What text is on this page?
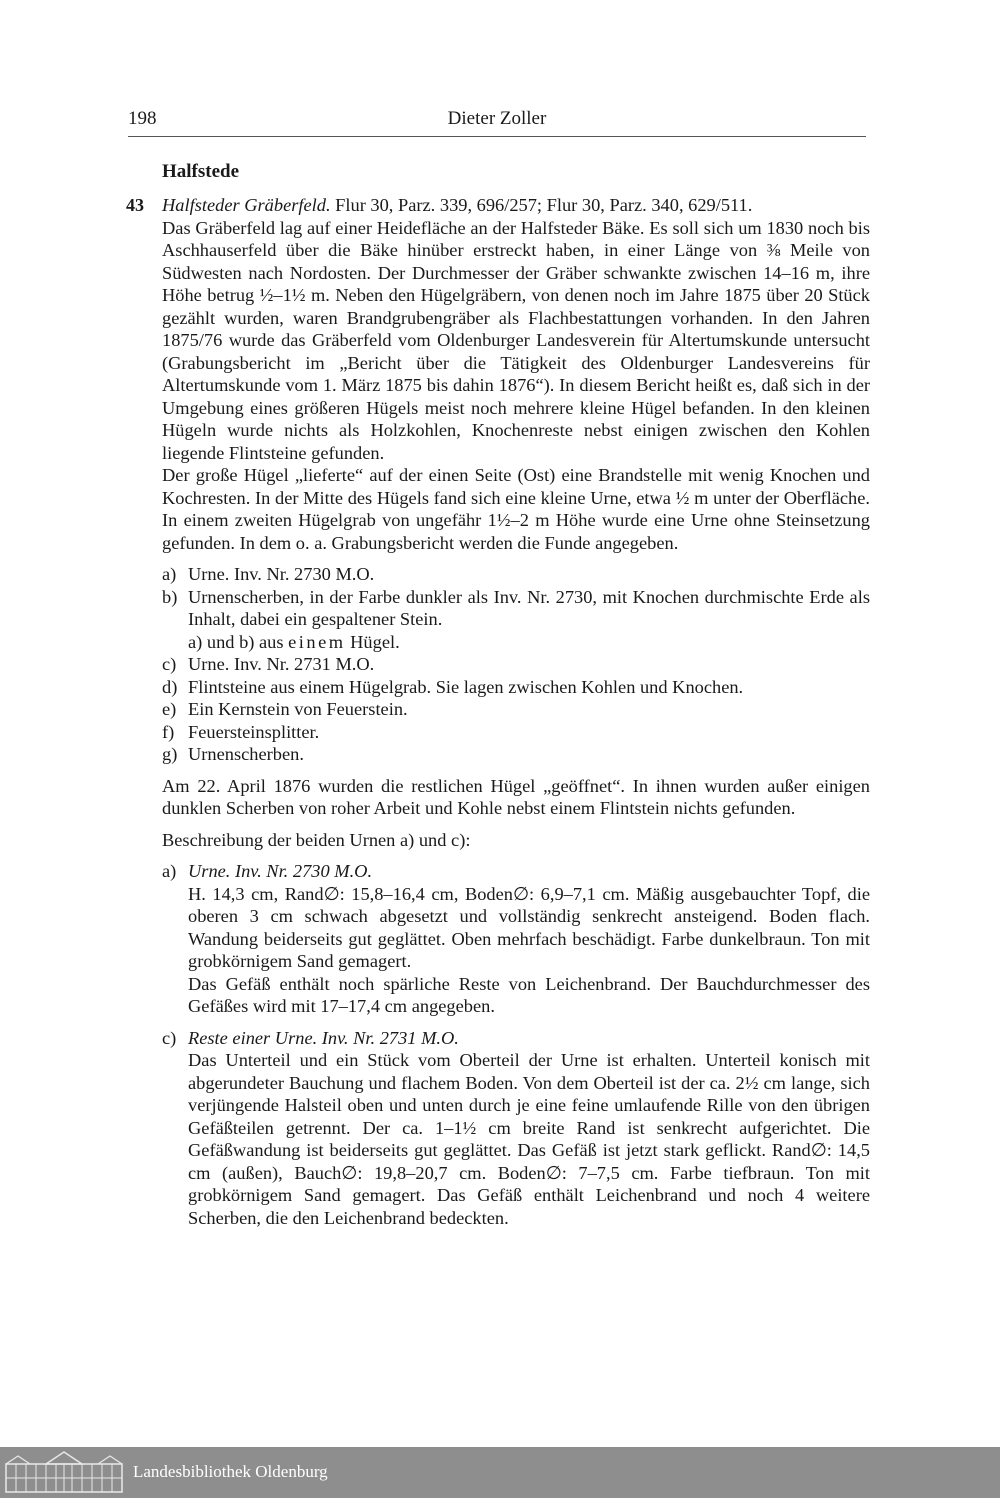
198	Dieter Zoller
Halfstede
43 Halfsteder Gräberfeld. Flur 30, Parz. 339, 696/257; Flur 30, Parz. 340, 629/511.
Das Gräberfeld lag auf einer Heidefläche an der Halfsteder Bäke. Es soll sich um 1830 noch bis Aschhauserfeld über die Bäke hinüber erstreckt haben, in einer Länge von ⅜ Meile von Südwesten nach Nordosten. Der Durchmesser der Gräber schwankte zwischen 14–16 m, ihre Höhe betrug ½–1½ m. Neben den Hügelgräbern, von denen noch im Jahre 1875 über 20 Stück gezählt wurden, waren Brandgrubengräber als Flachbestattungen vorhanden. In den Jahren 1875/76 wurde das Gräberfeld vom Oldenburger Landesverein für Altertumskunde untersucht (Grabungsbericht im „Bericht über die Tätigkeit des Oldenburger Landesvereins für Altertumskunde vom 1. März 1875 bis dahin 1876“). In diesem Bericht heißt es, daß sich in der Umgebung eines größeren Hügels meist noch mehrere kleine Hügel befanden. In den kleinen Hügeln wurde nichts als Holzkohlen, Knochenreste nebst einigen zwischen den Kohlen liegende Flintsteine gefunden.

Der große Hügel „lieferte“ auf der einen Seite (Ost) eine Brandstelle mit wenig Knochen und Kochresten. In der Mitte des Hügels fand sich eine kleine Urne, etwa ½ m unter der Oberfläche. In einem zweiten Hügelgrab von ungefähr 1½–2 m Höhe wurde eine Urne ohne Steinsetzung gefunden. In dem o. a. Grabungsbericht werden die Funde angegeben.

a) Urne. Inv. Nr. 2730 M.O.
b) Urnenscherben, in der Farbe dunkler als Inv. Nr. 2730, mit Knochen durchmischte Erde als Inhalt, dabei ein gespaltener Stein.

a) und b) aus einem Hügel.

c) Urne. Inv. Nr. 2731 M.O.
d) Flintsteine aus einem Hügelgrab. Sie lagen zwischen Kohlen und Knochen.
e) Ein Kernstein von Feuerstein.
f) Feuersteinsplitter.
g) Urnenscherben.

Am 22. April 1876 wurden die restlichen Hügel „geöffnet“. In ihnen wurden außer einigen dunklen Scherben von roher Arbeit und Kohle nebst einem Flintstein nichts gefunden.

Beschreibung der beiden Urnen a) und c):

a) Urne. Inv. Nr. 2730 M.O.

H. 14,3 cm, Rand∅: 15,8–16,4 cm, Boden∅: 6,9–7,1 cm. Mäßig ausgebauchter Topf, die oberen 3 cm schwach abgesetzt und vollständig senkrecht ansteigend. Boden flach. Wandung beiderseits gut geglättet. Oben mehrfach beschädigt. Farbe dunkelbraun. Ton mit grobkörnigem Sand gemagert.

Das Gefäß enthält noch spärliche Reste von Leichenbrand. Der Bauchdurchmesser des Gefäßes wird mit 17–17,4 cm angegeben.

c) Reste einer Urne. Inv. Nr. 2731 M.O.

Das Unterteil und ein Stück vom Oberteil der Urne ist erhalten. Unterteil konisch mit abgerundeter Bauchung und flachem Boden. Von dem Oberteil ist der ca. 2½ cm lange, sich verjüngende Halsteil oben und unten durch je eine feine umlaufende Rille von den übrigen Gefäßteilen getrennt. Der ca. 1–1½ cm breite Rand ist senkrecht aufgerichtet. Die Gefäßwandung ist beiderseits gut geglättet. Das Gefäß ist jetzt stark geflickt. Rand∅: 14,5 cm (außen), Bauch∅: 19,8–20,7 cm. Boden∅: 7–7,5 cm. Farbe tiefbraun. Ton mit grobkörnigem Sand gemagert. Das Gefäß enthält Leichenbrand und noch 4 weitere Scherben, die den Leichenbrand bedeckten.

Landesbibliothek Oldenburg
